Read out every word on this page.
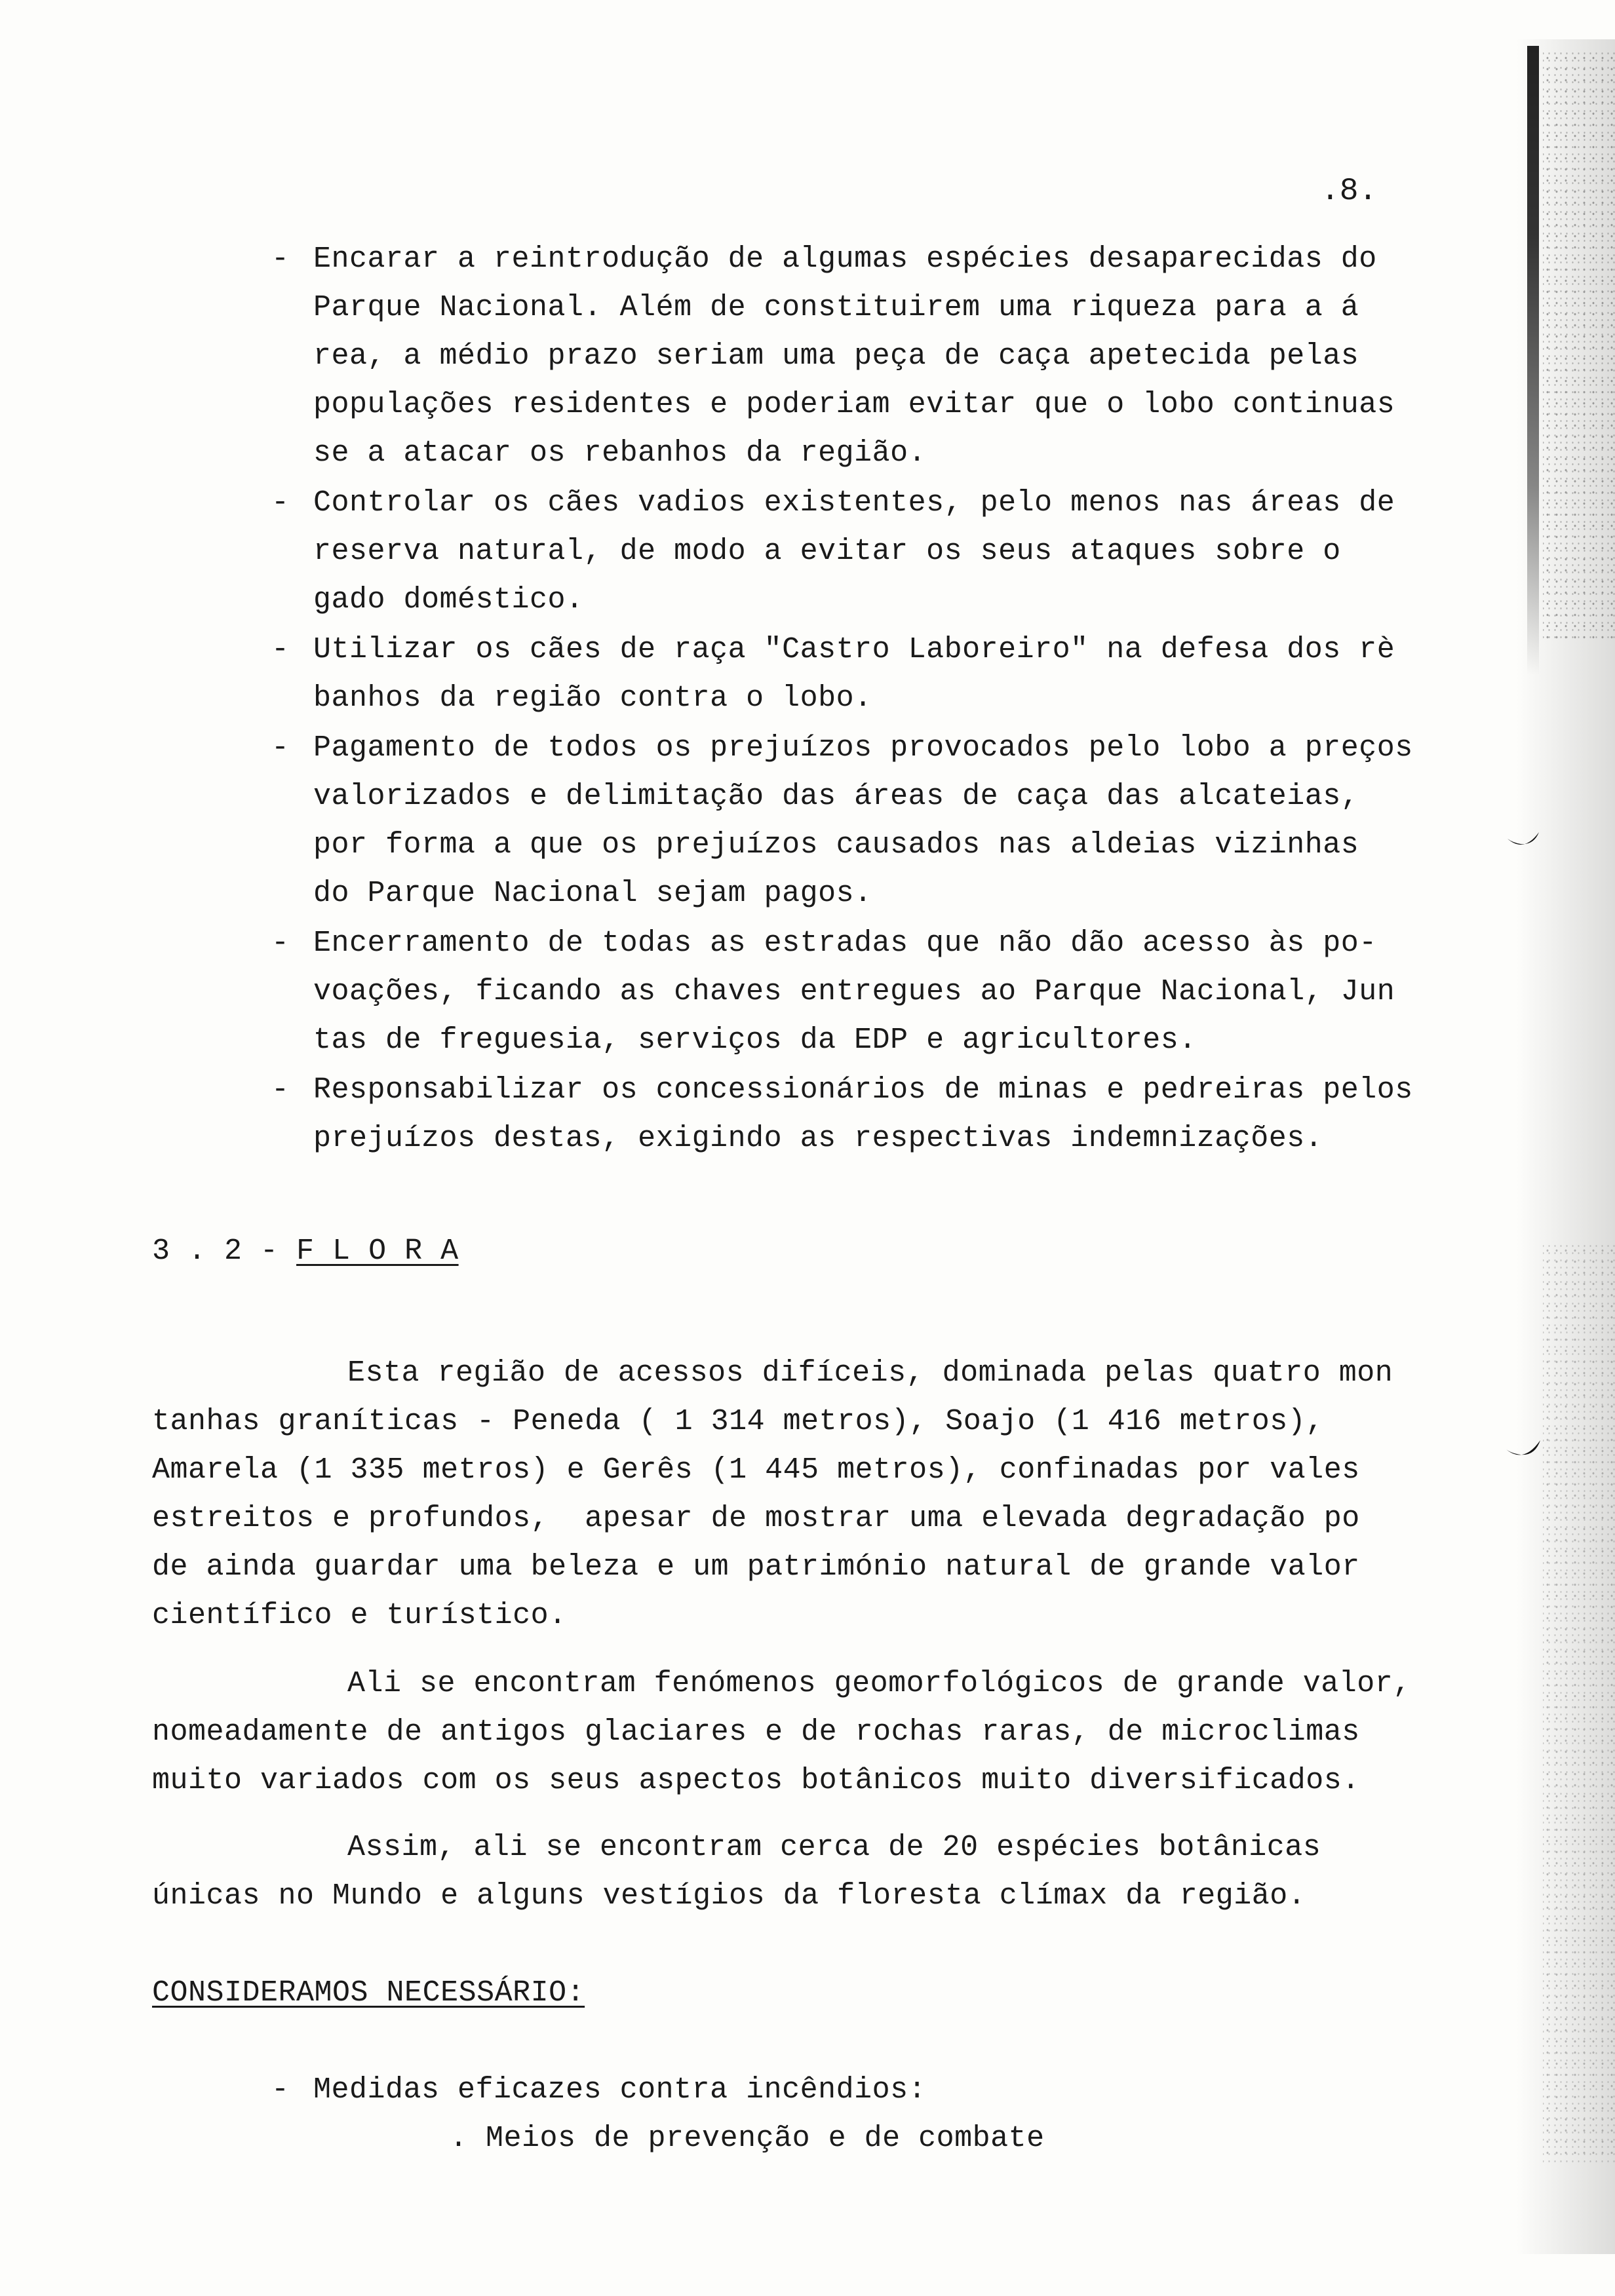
.8.
- Encarar a reintrodução de algumas espécies desaparecidas do
Parque Nacional. Além de constituirem uma riqueza para a á
rea, a médio prazo seriam uma peça de caça apetecida pelas
populações residentes e poderiam evitar que o lobo continuas
se a atacar os rebanhos da região.
- Controlar os cães vadios existentes, pelo menos nas áreas de
reserva natural, de modo a evitar os seus ataques sobre o
gado doméstico.
- Utilizar os cães de raça "Castro Laboreiro" na defesa dos rè
banhos da região contra o lobo.
- Pagamento de todos os prejuízos provocados pelo lobo a preços
valorizados e delimitação das áreas de caça das alcateias,
por forma a que os prejuízos causados nas aldeias vizinhas
do Parque Nacional sejam pagos.
- Encerramento de todas as estradas que não dão acesso às po-
voações, ficando as chaves entregues ao Parque Nacional, Jun
tas de freguesia, serviços da EDP e agricultores.
- Responsabilizar os concessionários de minas e pedreiras pelos
prejuízos destas, exigindo as respectivas indemnizações.
3 . 2 - F L O R A
Esta região de acessos difíceis, dominada pelas quatro mon
tanhas graníticas - Peneda ( 1 314 metros), Soajo (1 416 metros),
Amarela (1 335 metros) e Gerês (1 445 metros), confinadas por vales
estreitos e profundos,  apesar de mostrar uma elevada degradação po
de ainda guardar uma beleza e um património natural de grande valor
científico e turístico.
Ali se encontram fenómenos geomorfológicos de grande valor,
nomeadamente de antigos glaciares e de rochas raras, de microclimas
muito variados com os seus aspectos botânicos muito diversificados.
Assim, ali se encontram cerca de 20 espécies botânicas
únicas no Mundo e alguns vestígios da floresta clímax da região.
CONSIDERAMOS NECESSÁRIO:
- Medidas eficazes contra incêndios:
. Meios de prevenção e de combate
